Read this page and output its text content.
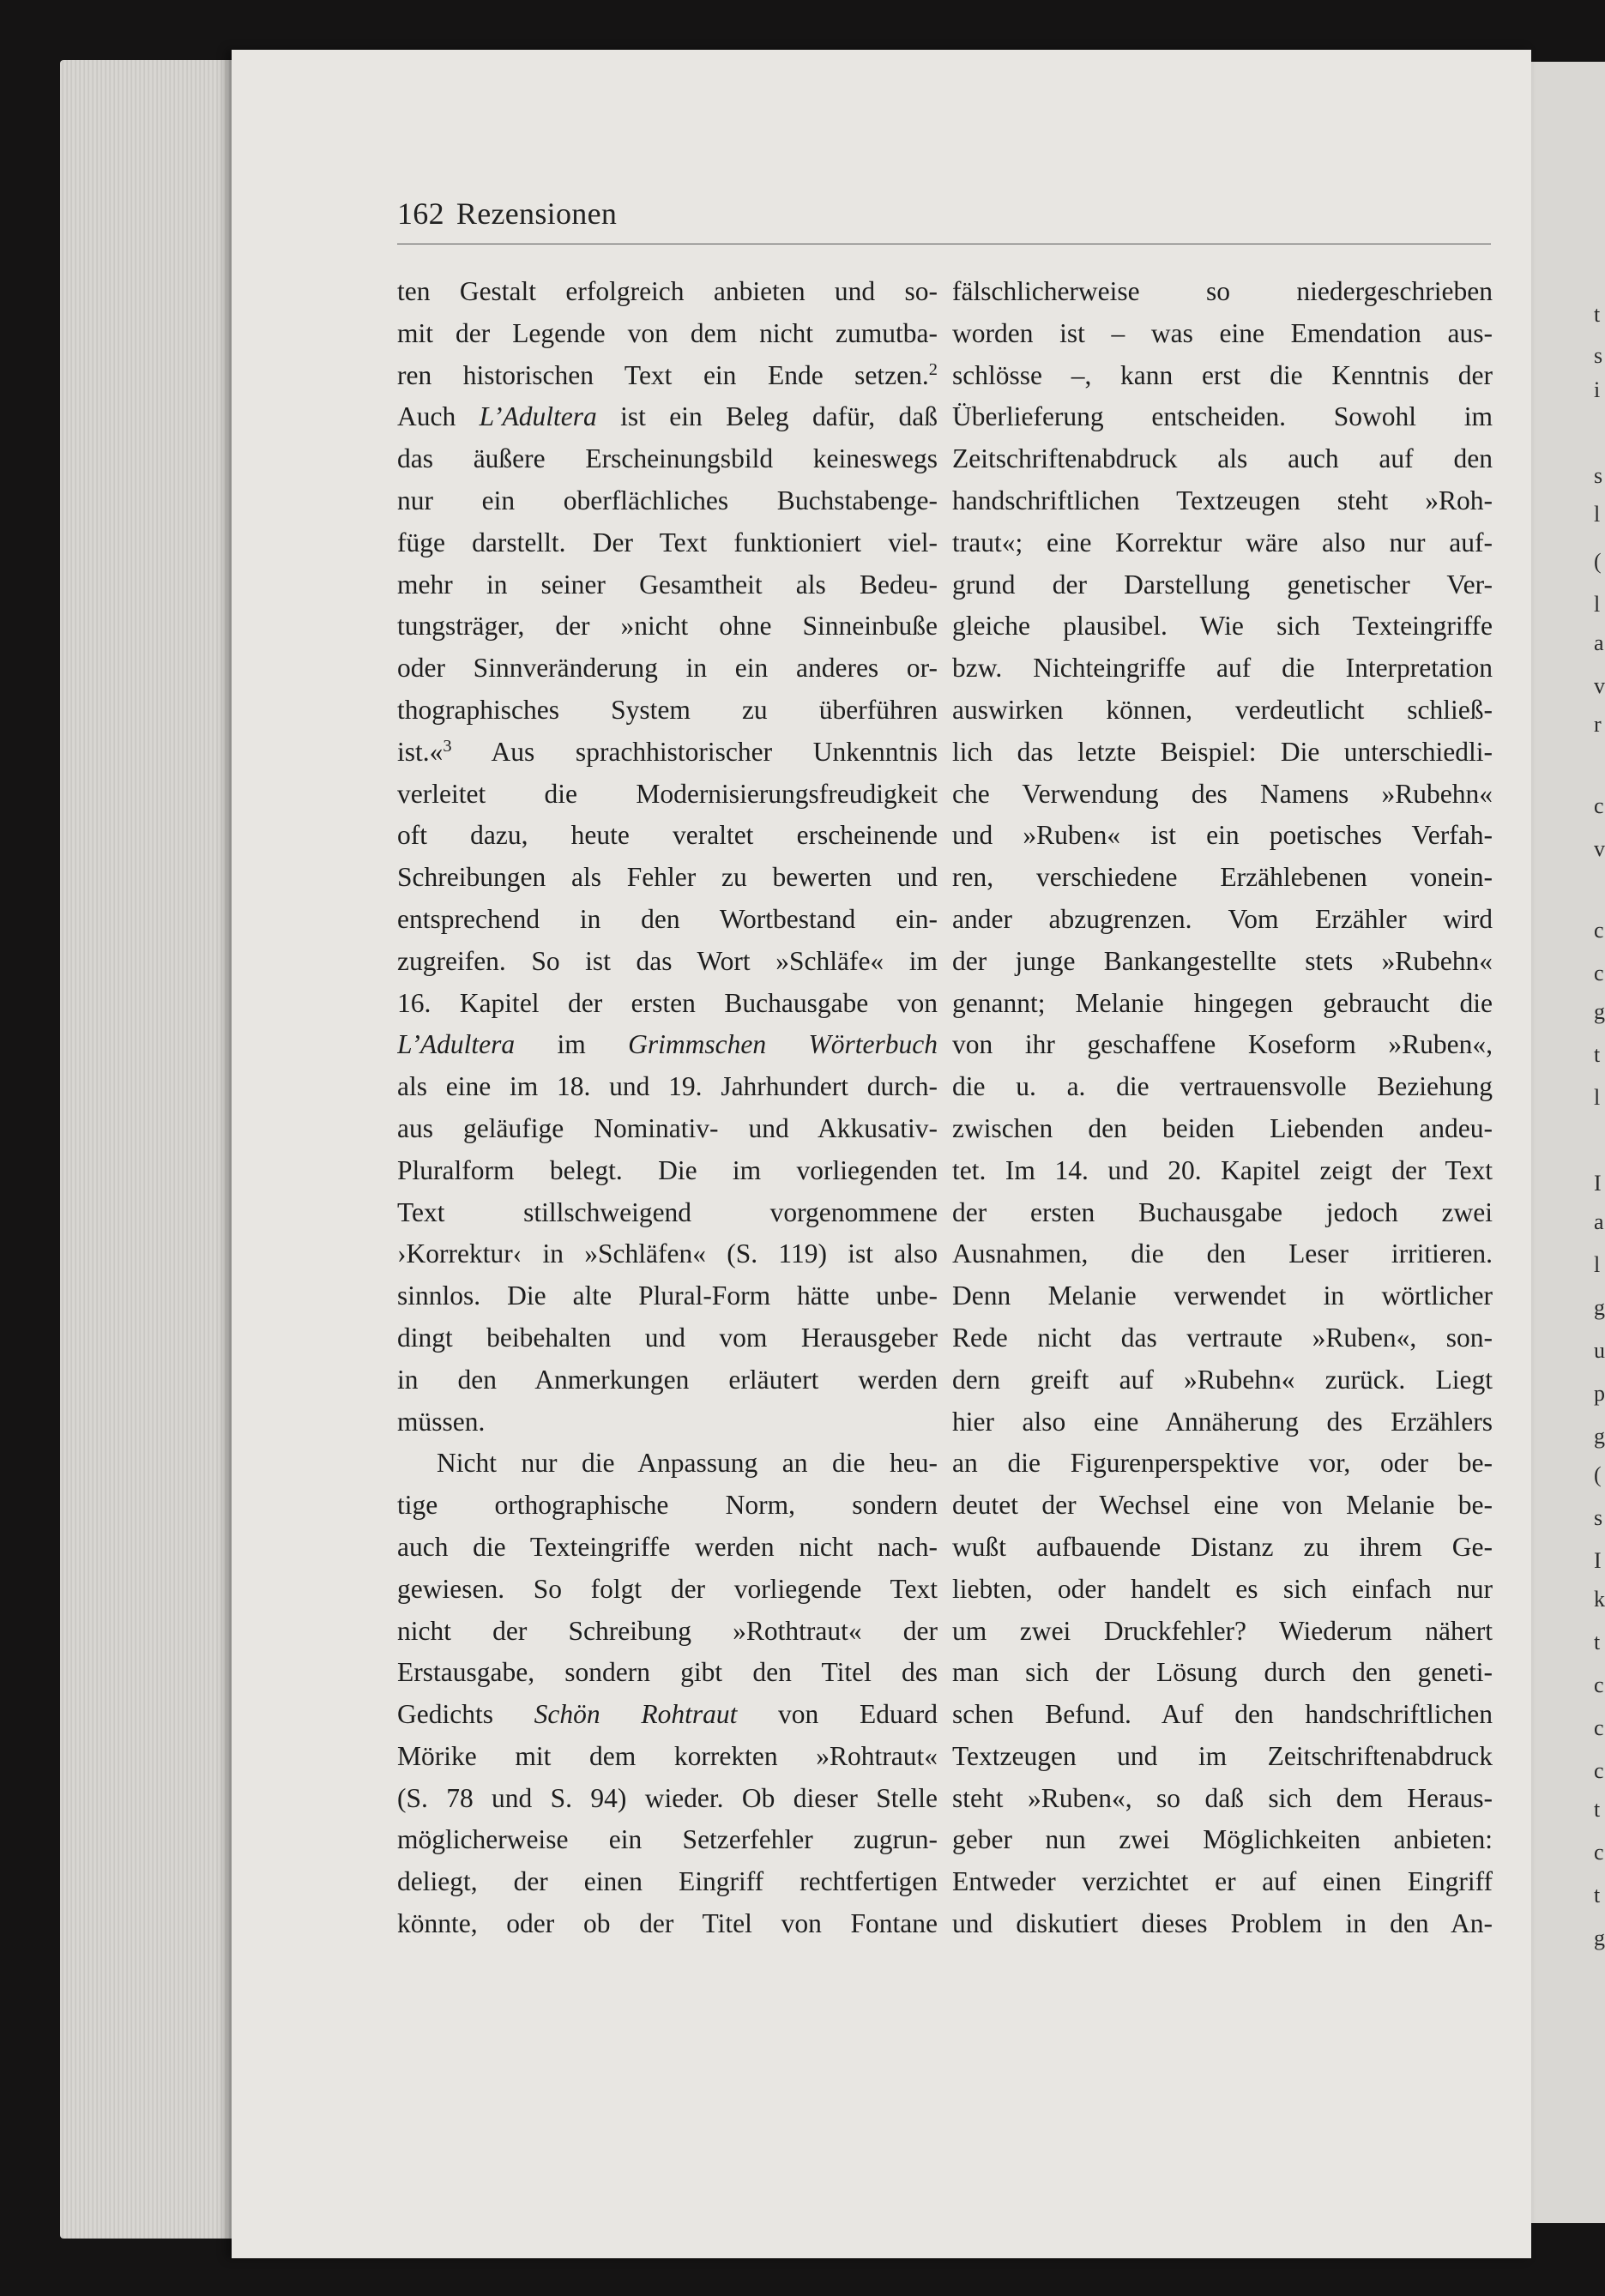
t
s
i
s
l
(
l
a
v
r
c
v
c
c
g
t
l
I
a
l
g
u
p
g
(
s
I
k
t
c
c
c
t
c
t
g
162 Rezensionen
ten Gestalt erfolgreich anbieten und so-
mit der Legende von dem nicht zumutba-
ren historischen Text ein Ende setzen.$^2$
Auch L’Adultera ist ein Beleg dafür, daß
das äußere Erscheinungsbild keineswegs
nur ein oberflächliches Buchstabenge-
füge darstellt. Der Text funktioniert viel-
mehr in seiner Gesamtheit als Bedeu-
tungsträger, der »nicht ohne Sinneinbuße
oder Sinnveränderung in ein anderes or-
thographisches System zu überführen
ist.«$^3$ Aus sprachhistorischer Unkenntnis
verleitet die Modernisierungsfreudigkeit
oft dazu, heute veraltet erscheinende
Schreibungen als Fehler zu bewerten und
entsprechend in den Wortbestand ein-
zugreifen. So ist das Wort »Schläfe« im
16. Kapitel der ersten Buchausgabe von
L’Adultera im Grimmschen Wörterbuch
als eine im 18. und 19. Jahrhundert durch-
aus geläufige Nominativ- und Akkusativ-
Pluralform belegt. Die im vorliegenden
Text stillschweigend vorgenommene
›Korrektur‹ in »Schläfen« (S. 119) ist also
sinnlos. Die alte Plural-Form hätte unbe-
dingt beibehalten und vom Herausgeber
in den Anmerkungen erläutert werden
müssen.
Nicht nur die Anpassung an die heu-
tige orthographische Norm, sondern
auch die Texteingriffe werden nicht nach-
gewiesen. So folgt der vorliegende Text
nicht der Schreibung »Rothtraut« der
Erstausgabe, sondern gibt den Titel des
Gedichts Schön Rohtraut von Eduard
Mörike mit dem korrekten »Rohtraut«
(S. 78 und S. 94) wieder. Ob dieser Stelle
möglicherweise ein Setzerfehler zugrun-
deliegt, der einen Eingriff rechtfertigen
könnte, oder ob der Titel von Fontane
fälschlicherweise so niedergeschrieben
worden ist – was eine Emendation aus-
schlösse –, kann erst die Kenntnis der
Überlieferung entscheiden. Sowohl im
Zeitschriftenabdruck als auch auf den
handschriftlichen Textzeugen steht »Roh-
traut«; eine Korrektur wäre also nur auf-
grund der Darstellung genetischer Ver-
gleiche plausibel. Wie sich Texteingriffe
bzw. Nichteingriffe auf die Interpretation
auswirken können, verdeutlicht schließ-
lich das letzte Beispiel: Die unterschiedli-
che Verwendung des Namens »Rubehn«
und »Ruben« ist ein poetisches Verfah-
ren, verschiedene Erzählebenen vonein-
ander abzugrenzen. Vom Erzähler wird
der junge Bankangestellte stets »Rubehn«
genannt; Melanie hingegen gebraucht die
von ihr geschaffene Koseform »Ruben«,
die u. a. die vertrauensvolle Beziehung
zwischen den beiden Liebenden andeu-
tet. Im 14. und 20. Kapitel zeigt der Text
der ersten Buchausgabe jedoch zwei
Ausnahmen, die den Leser irritieren.
Denn Melanie verwendet in wörtlicher
Rede nicht das vertraute »Ruben«, son-
dern greift auf »Rubehn« zurück. Liegt
hier also eine Annäherung des Erzählers
an die Figurenperspektive vor, oder be-
deutet der Wechsel eine von Melanie be-
wußt aufbauende Distanz zu ihrem Ge-
liebten, oder handelt es sich einfach nur
um zwei Druckfehler? Wiederum nähert
man sich der Lösung durch den geneti-
schen Befund. Auf den handschriftlichen
Textzeugen und im Zeitschriftenabdruck
steht »Ruben«, so daß sich dem Heraus-
geber nun zwei Möglichkeiten anbieten:
Entweder verzichtet er auf einen Eingriff
und diskutiert dieses Problem in den An-
